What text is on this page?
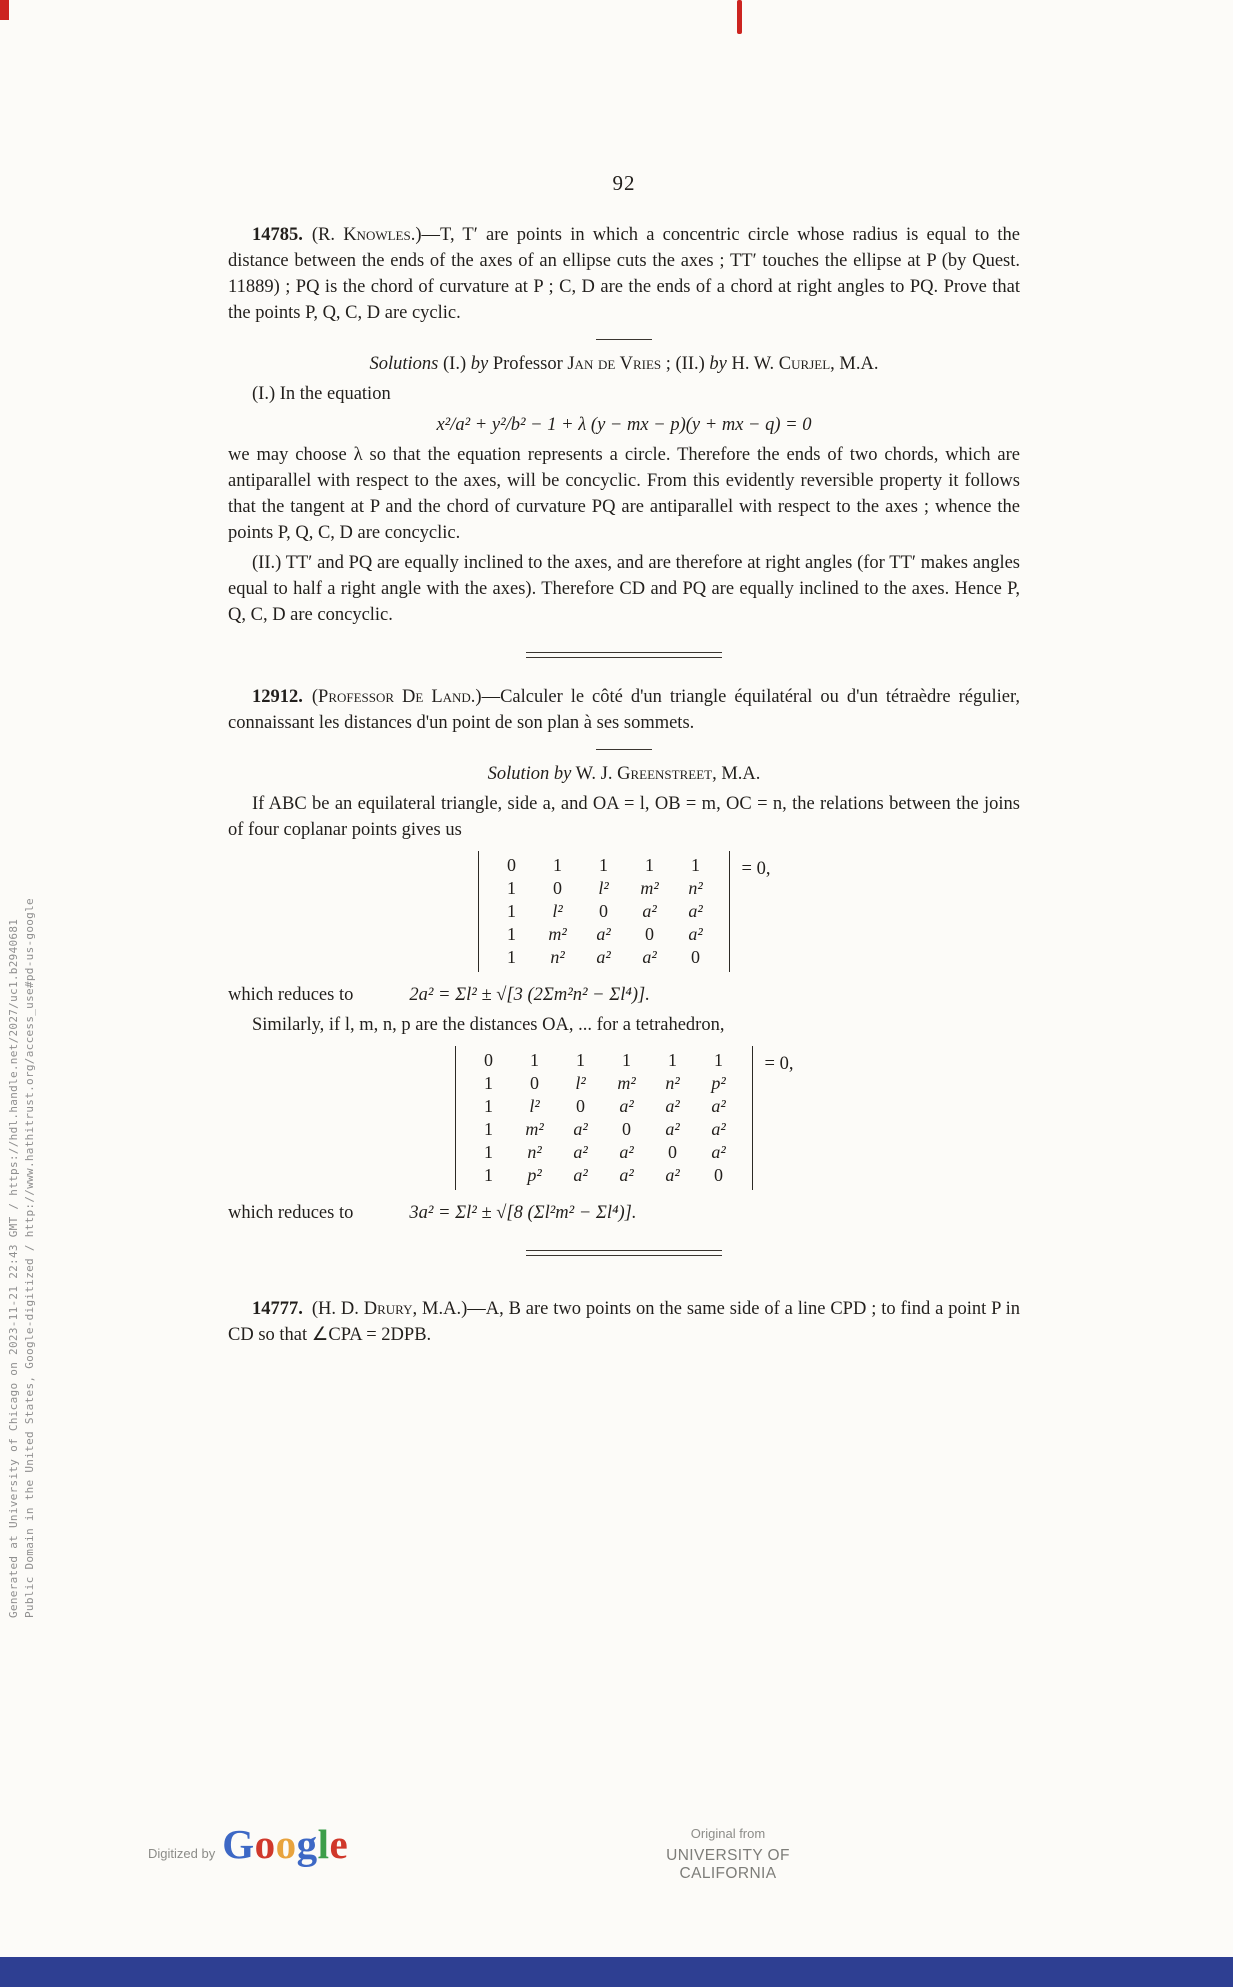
Generated at University of Chicago on 2023-11-21 22:43 GMT / https://hdl.handle.net/2027/uc1.b2940681 Public Domain in the United States, Google-digitized / http://www.hathitrust.org/access_use#pd-us-google
92

14785. (R. Knowles.)—T, T′ are points in which a concentric circle whose radius is equal to the distance between the ends of the axes of an ellipse cuts the axes ; TT′ touches the ellipse at P (by Quest. 11889) ; PQ is the chord of curvature at P ; C, D are the ends of a chord at right angles to PQ. Prove that the points P, Q, C, D are cyclic.

Solutions (I.) by Professor Jan de Vries ; (II.) by H. W. Curjel, M.A.

(I.) In the equation

x²/a² + y²/b² − 1 + λ (y − mx − p)(y + mx − q) = 0

we may choose λ so that the equation represents a circle. Therefore the ends of two chords, which are antiparallel with respect to the axes, will be concyclic. From this evidently reversible property it follows that the tangent at P and the chord of curvature PQ are antiparallel with respect to the axes ; whence the points P, Q, C, D are concyclic.

(II.) TT′ and PQ are equally inclined to the axes, and are therefore at right angles (for TT′ makes angles equal to half a right angle with the axes). Therefore CD and PQ are equally inclined to the axes. Hence P, Q, C, D are concyclic.

12912. (Professor De Land.)—Calculer le côté d'un triangle équilatéral ou d'un tétraèdre régulier, connaissant les distances d'un point de son plan à ses sommets.

Solution by W. J. Greenstreet, M.A.

If ABC be an equilateral triangle, side a, and OA = l, OB = m, OC = n, the relations between the joins of four coplanar points gives us

0	1	1	1	1
1	0	l²	m²	n²
1	l²	0	a²	a²
1	m²	a²	0	a²
1	n²	a²	a²	0
= 0,

which reduces to	2a² = Σl² ± √[3 (2Σm²n² − Σl⁴)].

Similarly, if l, m, n, p are the distances OA, ... for a tetrahedron,

0	1	1	1	1	1
1	0	l²	m²	n²	p²
1	l²	0	a²	a²	a²
1	m²	a²	0	a²	a²
1	n²	a²	a²	0	a²
1	p²	a²	a²	a²	0
= 0,

which reduces to	3a² = Σl² ± √[8 (Σl²m² − Σl⁴)].

14777. (H. D. Drury, M.A.)—A, B are two points on the same side of a line CPD ; to find a point P in CD so that ∠CPA = 2DPB.

Digitized by Google	Original from
UNIVERSITY OF CALIFORNIA
